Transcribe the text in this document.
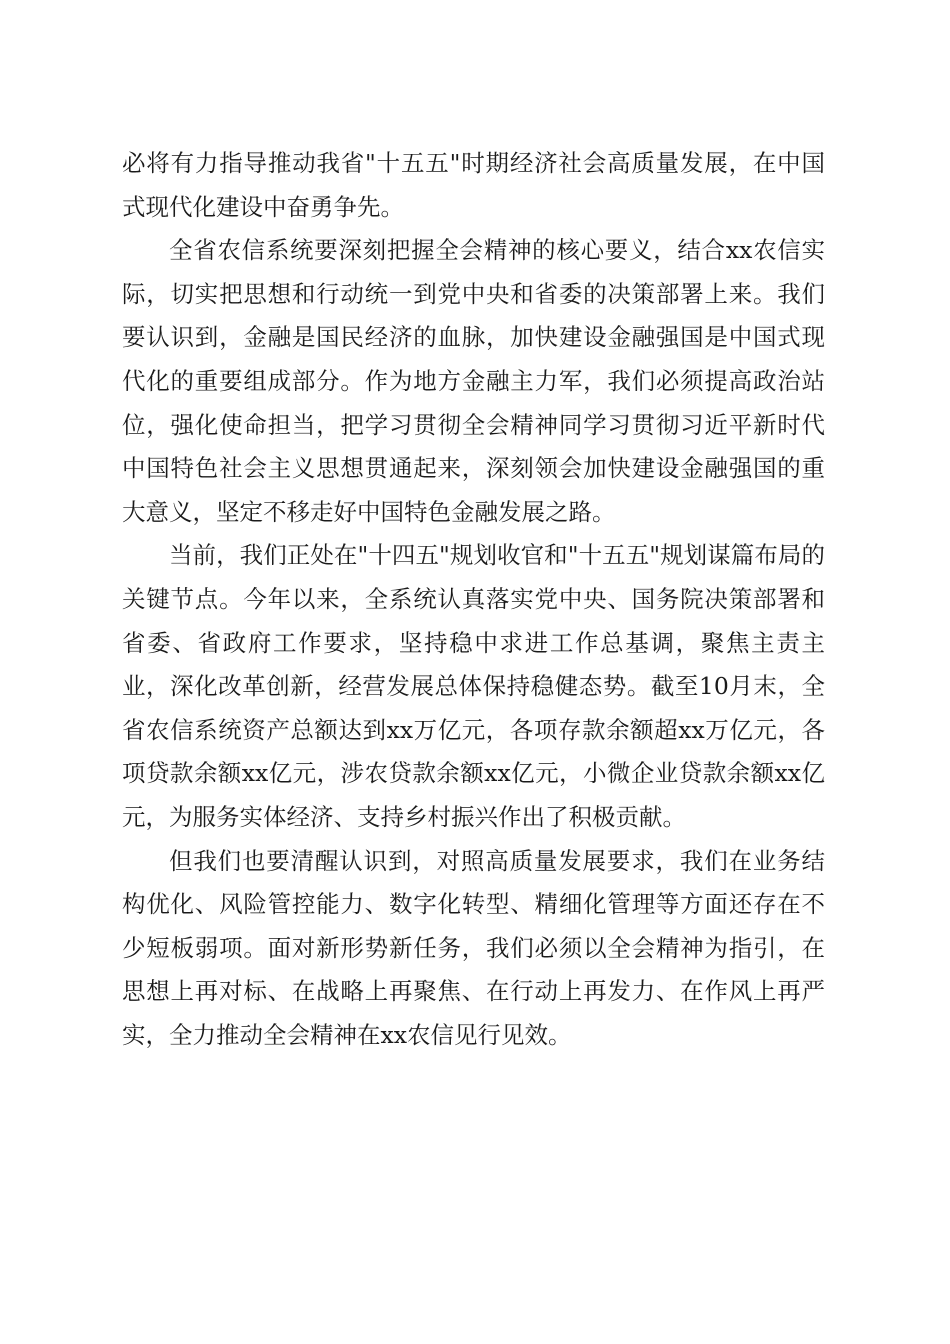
必将有力指导推动我省"十五五"时期经济社会高质量发展，在中国式现代化建设中奋勇争先。

全省农信系统要深刻把握全会精神的核心要义，结合xx农信实际，切实把思想和行动统一到党中央和省委的决策部署上来。我们要认识到，金融是国民经济的血脉，加快建设金融强国是中国式现代化的重要组成部分。作为地方金融主力军，我们必须提高政治站位，强化使命担当，把学习贯彻全会精神同学习贯彻习近平新时代中国特色社会主义思想贯通起来，深刻领会加快建设金融强国的重大意义，坚定不移走好中国特色金融发展之路。

当前，我们正处在"十四五"规划收官和"十五五"规划谋篇布局的关键节点。今年以来，全系统认真落实党中央、国务院决策部署和省委、省政府工作要求，坚持稳中求进工作总基调，聚焦主责主业，深化改革创新，经营发展总体保持稳健态势。截至10月末，全省农信系统资产总额达到xx万亿元，各项存款余额超xx万亿元，各项贷款余额xx亿元，涉农贷款余额xx亿元，小微企业贷款余额xx亿元，为服务实体经济、支持乡村振兴作出了积极贡献。

但我们也要清醒认识到，对照高质量发展要求，我们在业务结构优化、风险管控能力、数字化转型、精细化管理等方面还存在不少短板弱项。面对新形势新任务，我们必须以全会精神为指引，在思想上再对标、在战略上再聚焦、在行动上再发力、在作风上再严实，全力推动全会精神在xx农信见行见效。
